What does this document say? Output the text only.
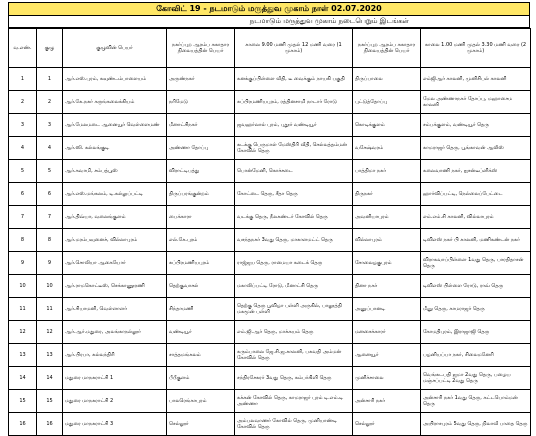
கோவிட் 19 - நடமாடும் மருத்துவ முகாம் நாள் 02.07.2020
நடமாடும் மருத்துவ முகாம் நடைபெறும் இடங்கள்
வ.எண்.	குழு	குழுவின் பெயர்	நகர்ப்புற ஆரம்ப சுகாதார நிலையத்தின் பெயர்	காலை 9.00 மணி முதல் 12 மணி வரை (1 முகாம்)	நகர்ப்புற ஆரம்ப சுகாதார நிலையத்தின் பெயர்	காலை 1.00 மணி முதல் 3.30 மணி வரை (2 முகாம்)
1	1	ஆர்.எஸ்.புரம், கவுண்டம்பாளையம்	அருண்நகர்	கனக்குப்பிள்ளை வீதி, டீ வைக்கும் நாயகி பகுதி	திருப்பாலை	எம்ஜிஆர் காலனி, முனிசிபல் காலனி
2	2	ஆர்.கே.நகர் கருங்கலைக்கியம்	நரிமேடு	சுப்பிரமணியபுரம், ரத்தினசாமி நாடார் ரோடு	புட்டுத்தோப்பு	மேல அண்ணாநகர் தோப்பு, மஹாசைம காலனி
3	3	ஆர்.மேலமடை ஆனையூர் வெள்ளைமண்	மீனாட்சிநகர்	ஜவஹர்லால் புரம், புதூர் வண்டியூர்	கொடிக்குளம்	சம்பக்குளம், வண்டியூர் தெரு
4	4	ஆர்.ஸி. கல்லங்குடி	அண்ணா தோப்பு	கடக்கு பெருமாள் மேஸ்திரி வீதி, செல்லத்தம்மன் கோவில் தெரு	வசேஷ்வரம்	காமராஜர் தெரு, பூங்காவன் ஆலிஸ்
5	5	ஆர்.சுவாமி, சம்பத்பூஸ்	விராட்டிபத்து	பொன்மேனி, கொச்சடை	பாத்திமா நகர்	கலைவாணி நகர், ஐசன்டீப்ளிக்ஸ்
6	6	ஆர்.எஸ்.மங்கலம், டி.கல்லுப்பட்டி	திருப்பரங்குன்றம்	கோட்டை தெரு, சீதா தெரு	திருநகர்	ஹார்விப்பட்டி, நெல்லைப்பேட்டை
7	7	ஆர்.திவ்யா, வலைங்குளம்	பைக்காரா	வடக்கு தெரு, நீலகண்டர் கோவில் தெரு	அவனியாபுரம்	எம்.எம்.சி காலனி, வில்லாபுரம்
8	8	ஆர்.மரம்பவுனைச், வில்லாபுரம்	எல்.கே.புரம்	வசந்தநகர் 3வது தெரு, மாகாளமட்ட் தெரு	வில்லாபுரம்	டிவிஎஸ் நகர் பி காலனி, மணிகண்டன் நகர்
9	9	ஆர்.சொலியா ஆகையோர்	சுப்பிரமணியபுரம்	ராஜ்ஜய தெரு, ராமையா கடைக் தெரு	சோலைழகுபுரம்	விராகவாப்பிள்ளை 1வது தெரு, பாரதிதாசன் தெரு
10	10	ஆர்.ராமகொட்டீஸ், செக்காணூரணி	தெற்குவாசல்	மகாலிப்பட்டி ரோடு, மீனாட்சி தெரு	தினா நகர்	டிவிஎஸ் பிள்ளை ரோடு, ராவ் தெரு
11	11	ஆர்.சியாமனி, வெள்ளாளர்	சிந்தாமணி	தெற்கு தெரு பூவிழா பள்ளி அருகில், பாலூத்தி மகமூன் பள்ளி	அனுப்பானடி	மீனு தெரு, காமராஜர் தெரு
12	12	ஆர்.ஆர்.மதுரை, அலங்காநல்லூர்	வண்டியூர்	எம்.ஜி.ஆர் தெரு, மாக்கயம் தெரு	மனசைக்காரர்	கோமதிபுரம், இராஜாஜி தெரு
13	13	ஆர்.பிரபா, கல்லந்திரி	சாத்தமங்கலம்	கரும்பாலை ஜே.சி.ஜ.காலனி, பகவதி அம்மன் கோவில் தெரு	ஆனையூர்	பழனியப்பா நகர், சிலைமனேரி
14	14	மதுரை மாநகராட்சி 1	பீபீகுளம்	சந்திரசேகரர் 3வது தெரு, கம்பர்கிளி தெரு	முனிச்சாலை	வெங்கடபதி ஜமா 2வது தெரு, பழைய மஞ்சப்பட்டி 2வது தெரு
15	15	மதுரை மாநகராட்சி 2	பாலரெங்காபுரம்	கக்கன் கோவில் தெரு, காமராஜர் புரம் டி.எம்.டி அண்ணா	அன்சாரி நகர்	அன்சாரி நகர் 1வது தெரு, கட்டபொம்மன் தெரு
16	16	மதுரை மாநகராட்சி 3	செல்லூர்	அம்பலவாணர் கோவில் தெரு, முனியாண்டி கோவில் தெரு	செல்லூர்	அயிராசபுரம் 5வது தெரு, நிலாவீ பாதை தெரு
